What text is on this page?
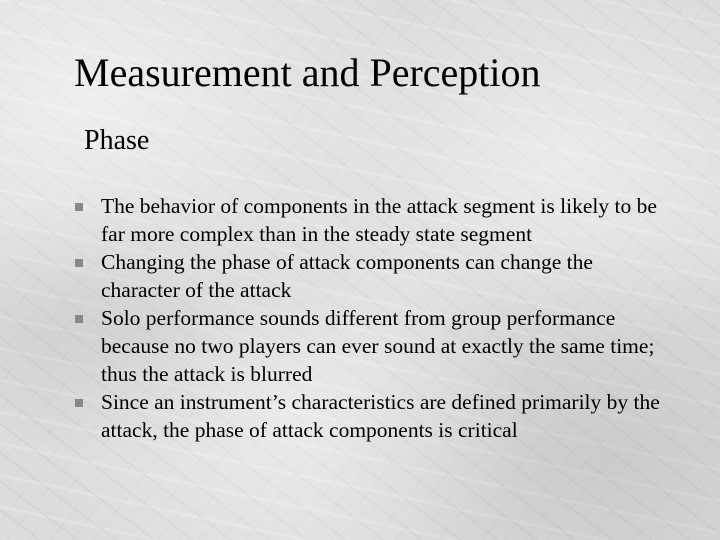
Measurement and Perception
Phase
The behavior of components in the attack segment is likely to be far more complex than in the steady state segment
Changing the phase of attack components can change the character of the attack
Solo performance sounds different from group performance because no two players can ever sound at exactly the same time; thus the attack is blurred
Since an instrument’s characteristics are defined primarily by the attack, the phase of attack components is critical
